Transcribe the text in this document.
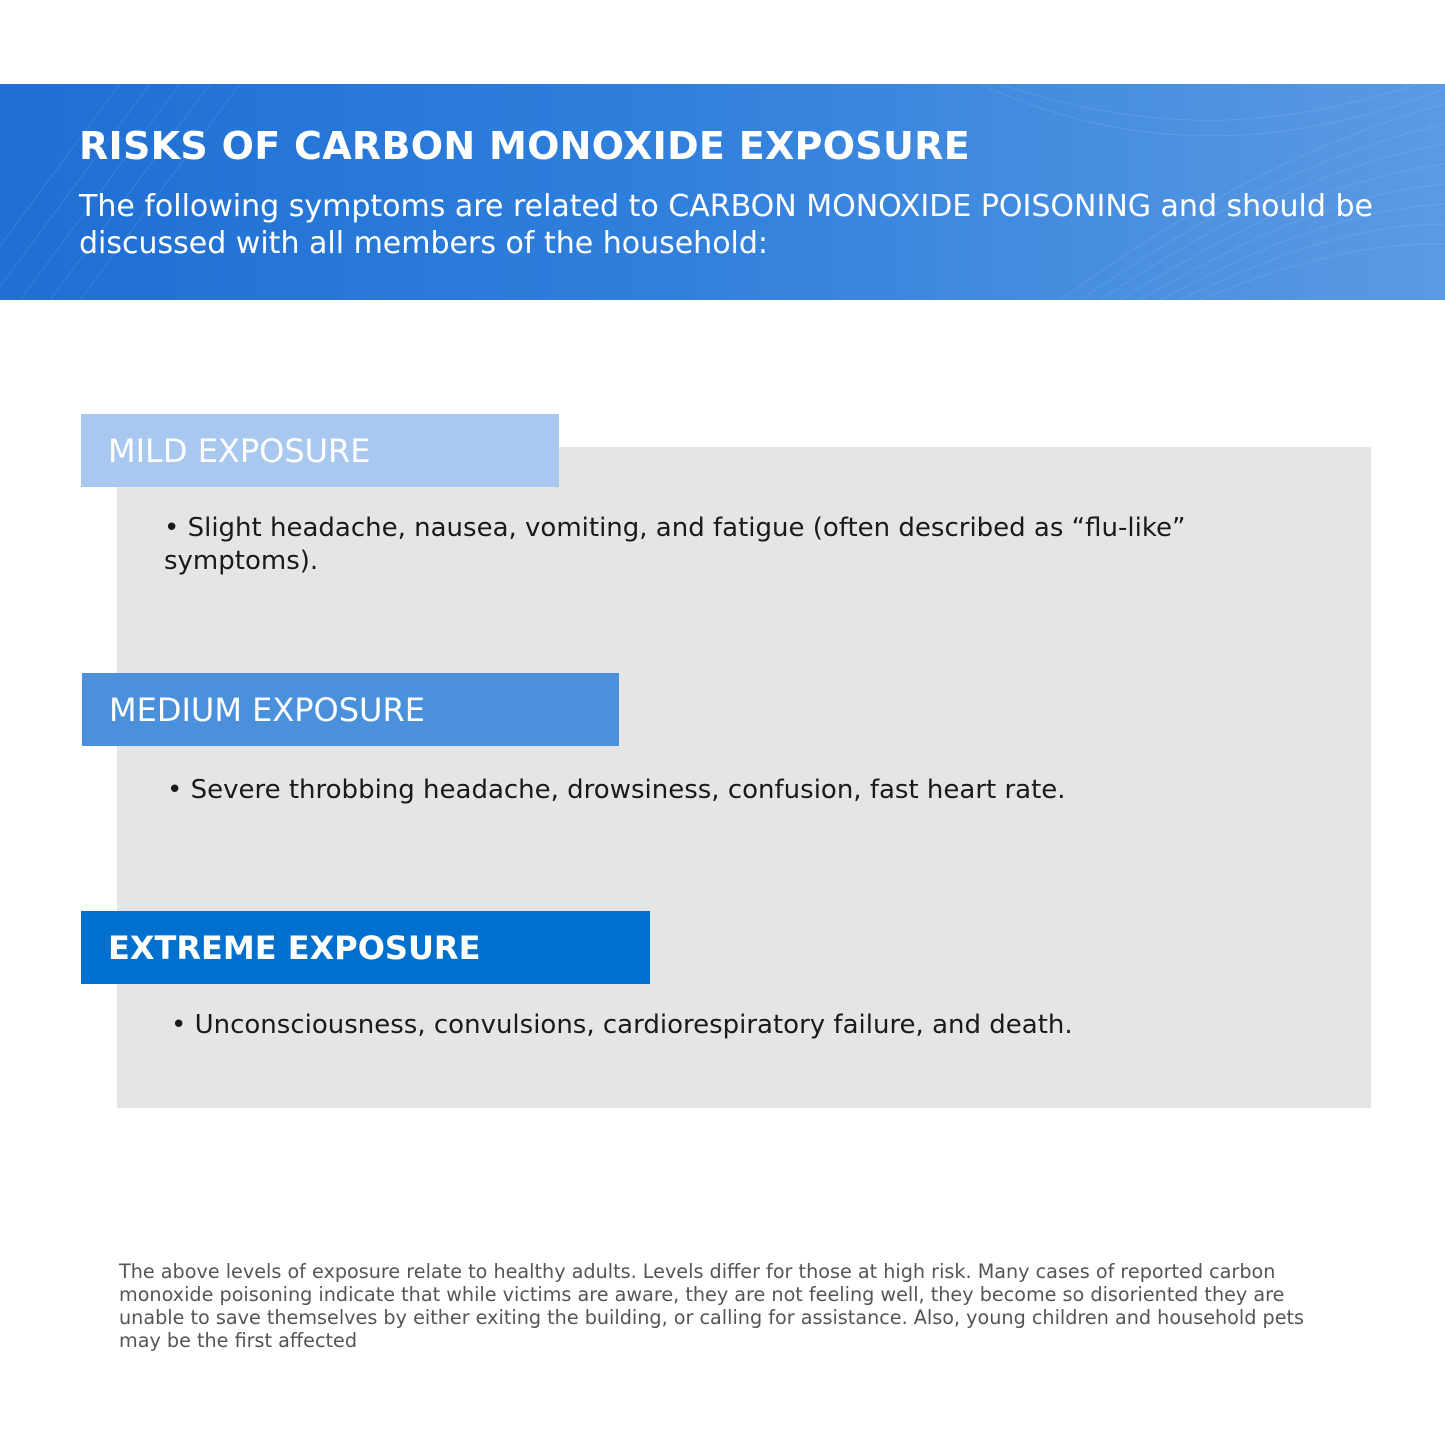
RISKS OF CARBON MONOXIDE EXPOSURE

The following symptoms are related to CARBON MONOXIDE POISONING and should be discussed with all members of the household:

MILD EXPOSURE

• Slight headache, nausea, vomiting, and fatigue (often described as “flu-like” symptoms).

MEDIUM EXPOSURE

• Severe throbbing headache, drowsiness, confusion, fast heart rate.

EXTREME EXPOSURE

• Unconsciousness, convulsions, cardiorespiratory failure, and death.

The above levels of exposure relate to healthy adults. Levels differ for those at high risk. Many cases of reported carbon monoxide poisoning indicate that while victims are aware, they are not feeling well, they become so disoriented they are unable to save themselves by either exiting the building, or calling for assistance. Also, young children and household pets may be the first affected
